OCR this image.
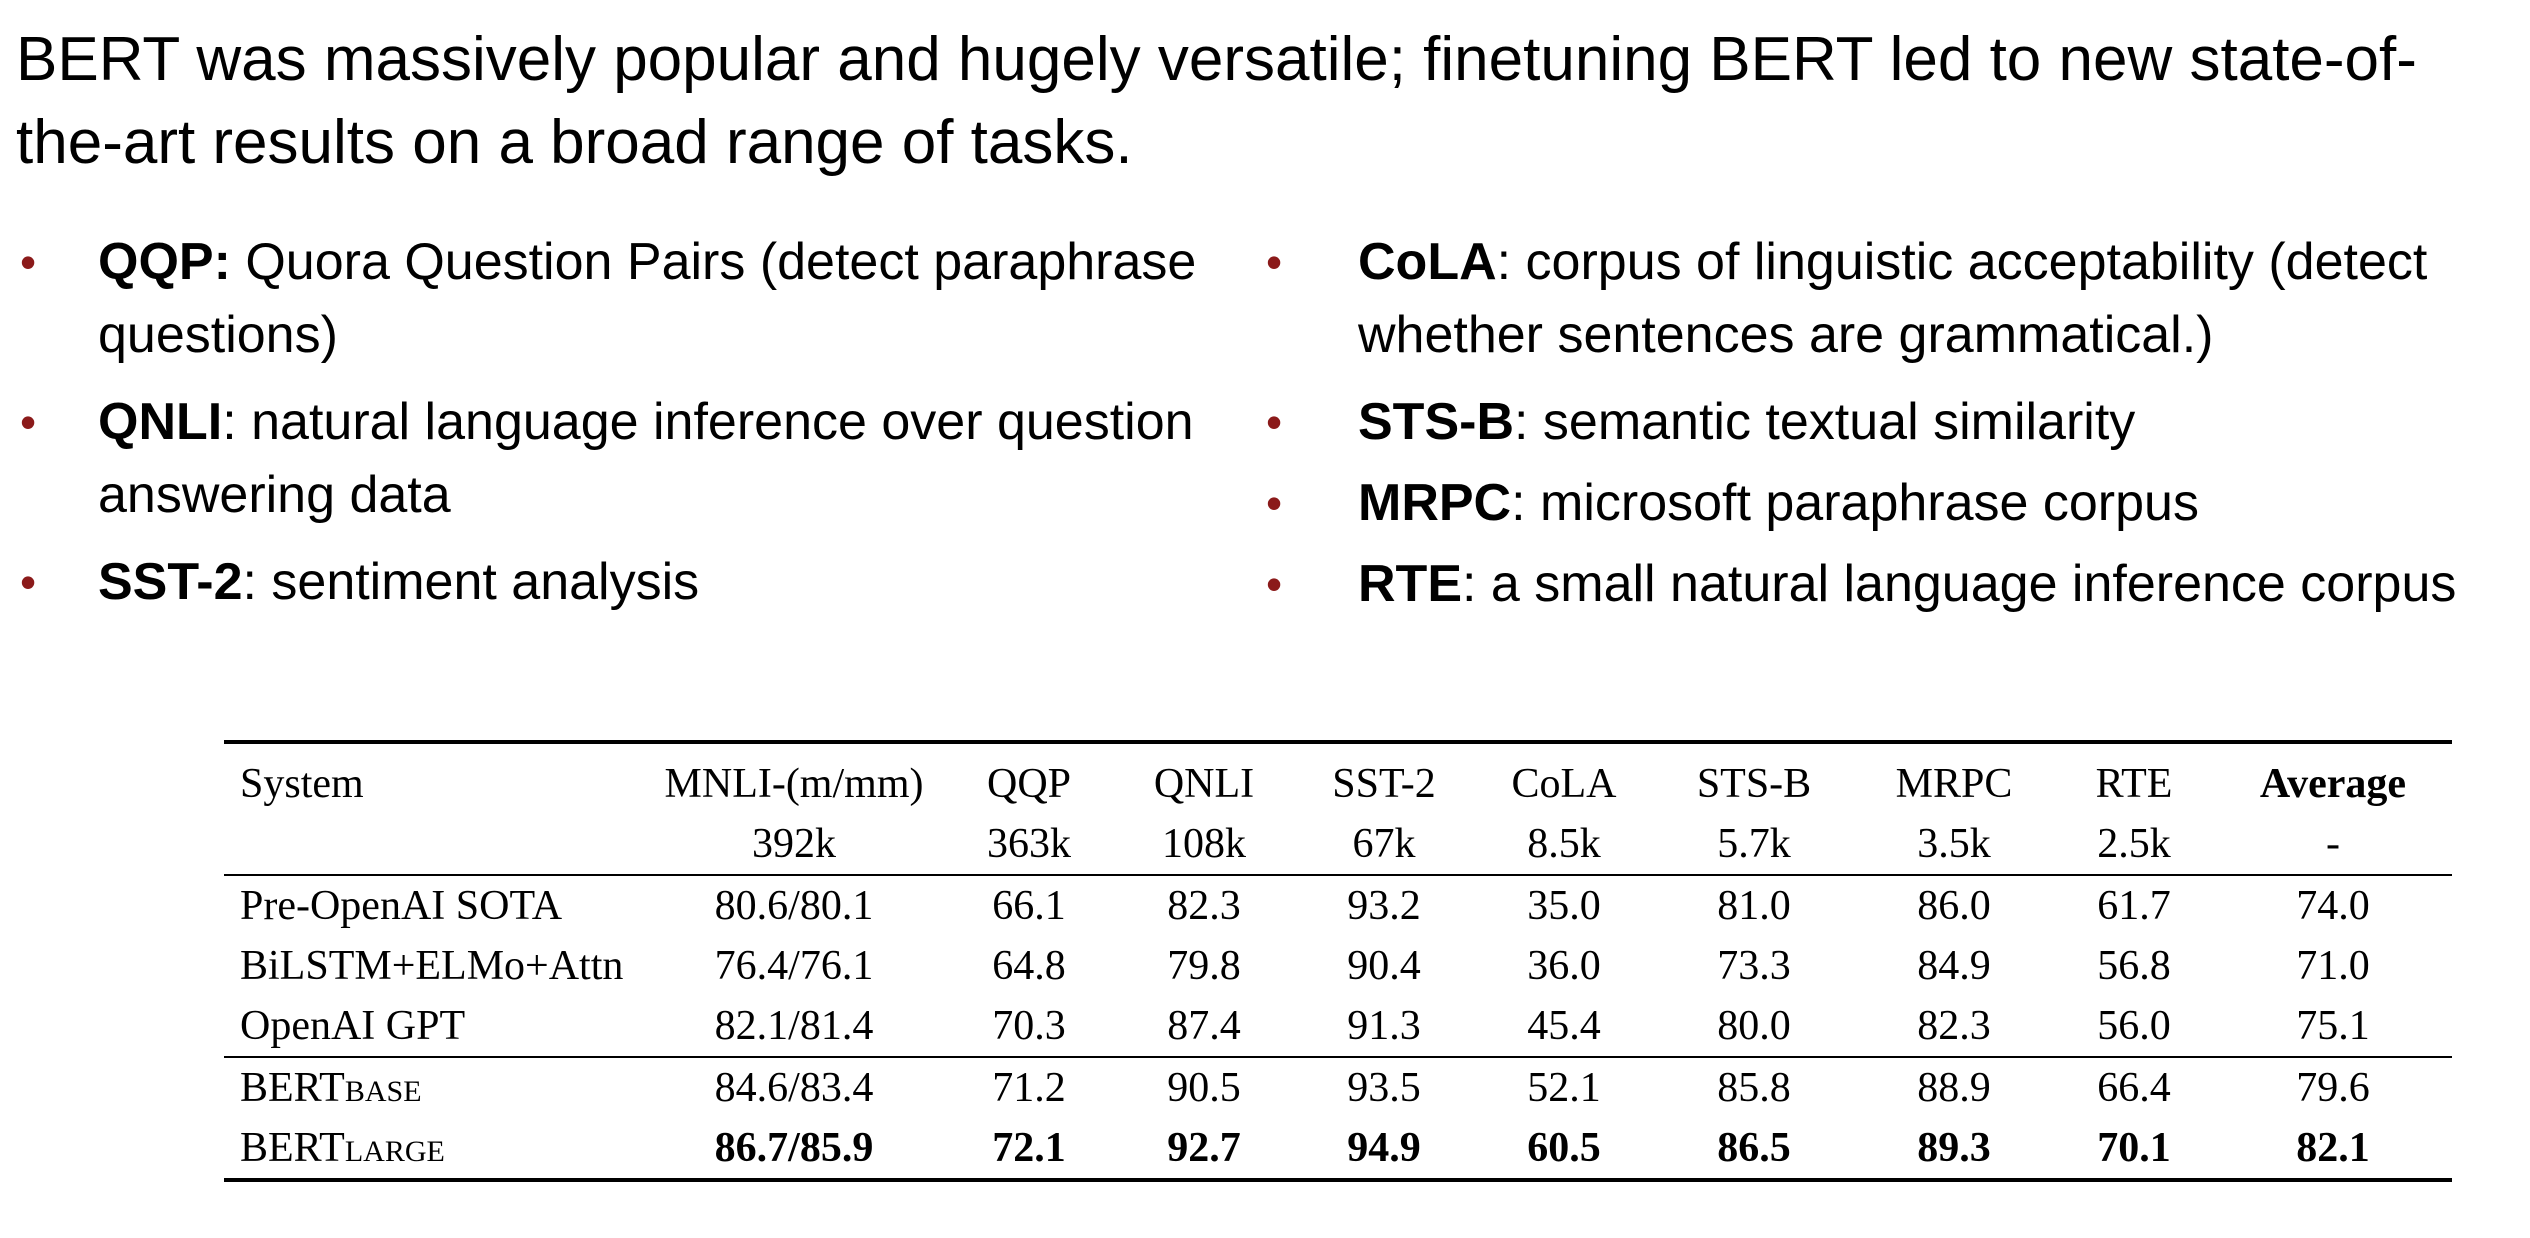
BERT was massively popular and hugely versatile; finetuning BERT led to new state-of-the-art results on a broad range of tasks.
• QQP: Quora Question Pairs (detect paraphrase questions)
• QNLI: natural language inference over question answering data
• SST-2: sentiment analysis
• CoLA: corpus of linguistic acceptability (detect whether sentences are grammatical.)
• STS-B: semantic textual similarity
• MRPC: microsoft paraphrase corpus
• RTE: a small natural language inference corpus
System	MNLI-(m/mm)	QQP	QNLI	SST-2	CoLA	STS-B	MRPC	RTE	Average
	392k	363k	108k	67k	8.5k	5.7k	3.5k	2.5k	-
Pre-OpenAI SOTA	80.6/80.1	66.1	82.3	93.2	35.0	81.0	86.0	61.7	74.0
BiLSTM+ELMo+Attn	76.4/76.1	64.8	79.8	90.4	36.0	73.3	84.9	56.8	71.0
OpenAI GPT	82.1/81.4	70.3	87.4	91.3	45.4	80.0	82.3	56.0	75.1
BERTBASE	84.6/83.4	71.2	90.5	93.5	52.1	85.8	88.9	66.4	79.6
BERTLARGE	86.7/85.9	72.1	92.7	94.9	60.5	86.5	89.3	70.1	82.1
